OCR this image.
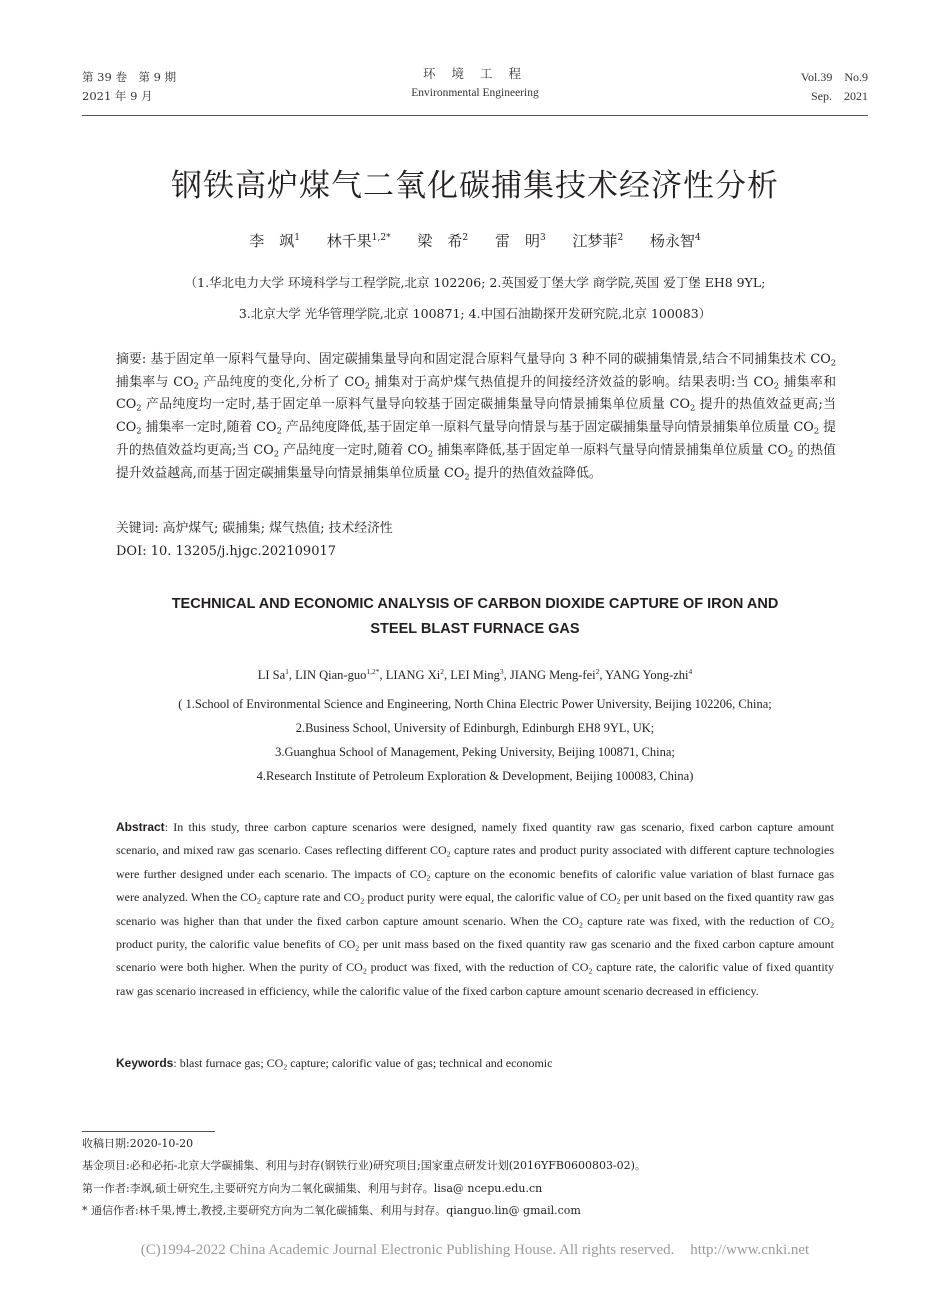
第 39 卷　第 9 期
2021 年 9 月
环 境 工 程
Environmental Engineering
Vol.39　No.9
Sep.　2021
钢铁高炉煤气二氧化碳捕集技术经济性分析
李　飒$^1$ 林千果$^{1,2*}$ 梁　希$^2$ 雷　明$^3$ 江梦菲$^2$ 杨永智$^4$
（1.华北电力大学 环境科学与工程学院,北京 102206; 2.英国爱丁堡大学 商学院,英国 爱丁堡 EH8 9YL;
3.北京大学 光华管理学院,北京 100871; 4.中国石油勘探开发研究院,北京 100083）
摘要: 基于固定单一原料气量导向、固定碳捕集量导向和固定混合原料气量导向 3 种不同的碳捕集情景,结合不同捕集技术 $CO_2$ 捕集率与 $CO_2$ 产品纯度的变化,分析了 $CO_2$ 捕集对于高炉煤气热值提升的间接经济效益的影响。结果表明:当 $CO_2$ 捕集率和 $CO_2$ 产品纯度均一定时,基于固定单一原料气量导向较基于固定碳捕集量导向情景捕集单位质量 $CO_2$ 提升的热值效益更高;当 $CO_2$ 捕集率一定时,随着 $CO_2$ 产品纯度降低,基于固定单一原料气量导向情景与基于固定碳捕集量导向情景捕集单位质量 $CO_2$ 提升的热值效益均更高;当 $CO_2$ 产品纯度一定时,随着 $CO_2$ 捕集率降低,基于固定单一原料气量导向情景捕集单位质量 $CO_2$ 的热值提升效益越高,而基于固定碳捕集量导向情景捕集单位质量 $CO_2$ 提升的热值效益降低。
关键词: 高炉煤气; 碳捕集; 煤气热值; 技术经济性
DOI: 10. 13205/j.hjgc.202109017
TECHNICAL AND ECONOMIC ANALYSIS OF CARBON DIOXIDE CAPTURE OF IRON AND
STEEL BLAST FURNACE GAS
LI Sa$^1$, LIN Qian-guo$^{1,2*}$, LIANG Xi$^2$, LEI Ming$^3$, JIANG Meng-fei$^2$, YANG Yong-zhi$^4$
( 1.School of Environmental Science and Engineering, North China Electric Power University, Beijing 102206, China;
2.Business School, University of Edinburgh, Edinburgh EH8 9YL, UK;
3.Guanghua School of Management, Peking University, Beijing 100871, China;
4.Research Institute of Petroleum Exploration & Development, Beijing 100083, China)
Abstract: In this study, three carbon capture scenarios were designed, namely fixed quantity raw gas scenario, fixed carbon capture amount scenario, and mixed raw gas scenario. Cases reflecting different $CO_2$ capture rates and product purity associated with different capture technologies were further designed under each scenario. The impacts of $CO_2$ capture on the economic benefits of calorific value variation of blast furnace gas were analyzed. When the $CO_2$ capture rate and $CO_2$ product purity were equal, the calorific value of $CO_2$ per unit based on the fixed quantity raw gas scenario was higher than that under the fixed carbon capture amount scenario. When the $CO_2$ capture rate was fixed, with the reduction of $CO_2$ product purity, the calorific value benefits of $CO_2$ per unit mass based on the fixed quantity raw gas scenario and the fixed carbon capture amount scenario were both higher. When the purity of $CO_2$ product was fixed, with the reduction of $CO_2$ capture rate, the calorific value of fixed quantity raw gas scenario increased in efficiency, while the calorific value of the fixed carbon capture amount scenario decreased in efficiency.
Keywords: blast furnace gas; $CO_2$ capture; calorific value of gas; technical and economic
收稿日期:2020-10-20
基金项目:必和必拓-北京大学碳捕集、利用与封存(钢铁行业)研究项目;国家重点研发计划(2016YFB0600803-02)。
第一作者:李飒,硕士研究生,主要研究方向为二氧化碳捕集、利用与封存。lisa@ ncepu.edu.cn
* 通信作者:林千果,博士,教授,主要研究方向为二氧化碳捕集、利用与封存。qianguo.lin@ gmail.com
(C)1994-2022 China Academic Journal Electronic Publishing House. All rights reserved. http://www.cnki.net
